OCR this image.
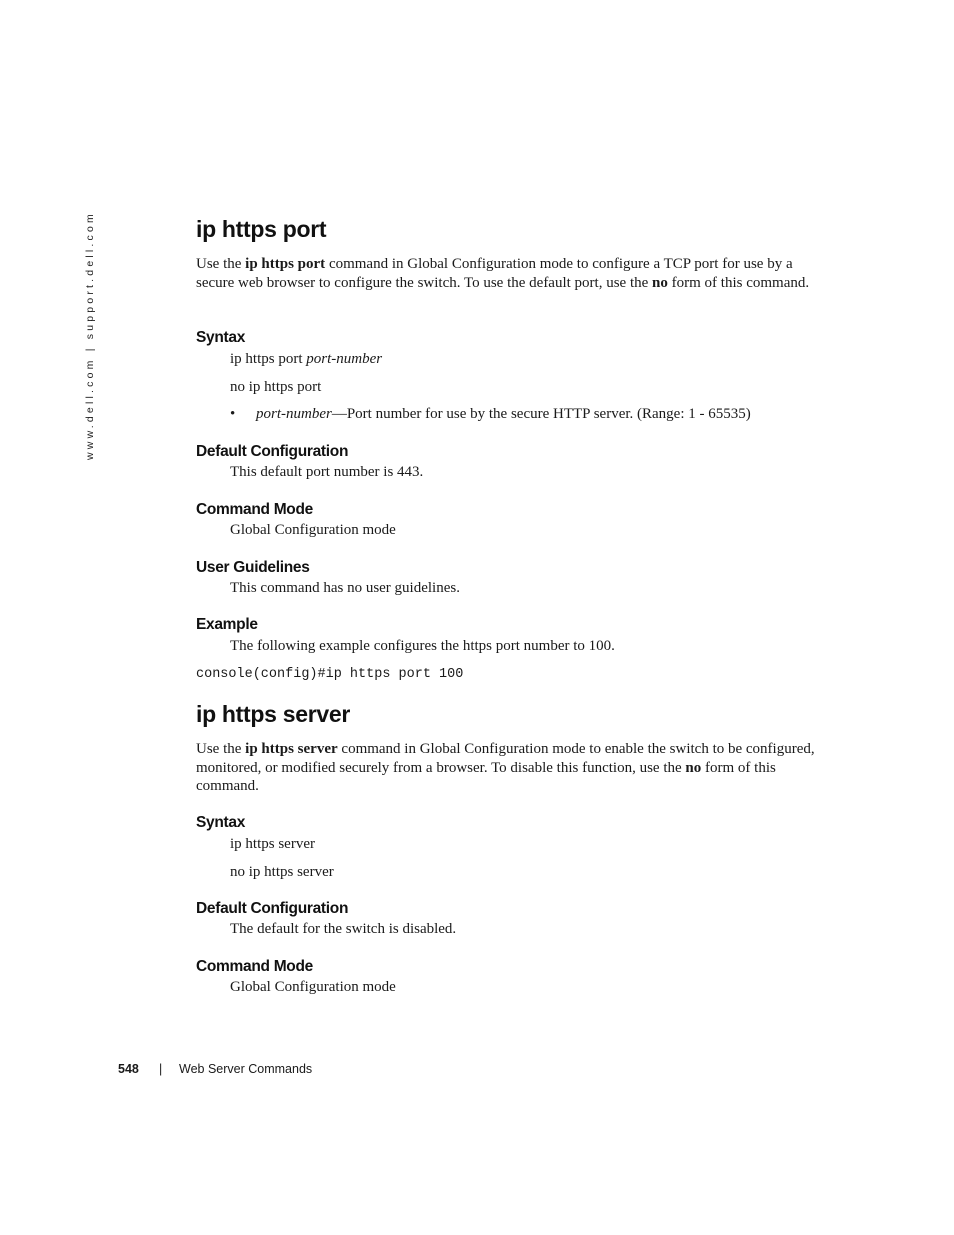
www.dell.com | support.dell.com	ip https port

Use the ip https port command in Global Configuration mode to configure a TCP port for use by a secure web browser to configure the switch. To use the default port, use the no form of this command.

Syntax

ip https port port-number

no ip https port

• port-number—Port number for use by the secure HTTP server. (Range: 1 - 65535)
Default Configuration

This default port number is 443.

Command Mode

Global Configuration mode

User Guidelines

This command has no user guidelines.

Example

The following example configures the https port number to 100.

console(config)#ip https port 100

ip https server

Use the ip https server command in Global Configuration mode to enable the switch to be configured, monitored, or modified securely from a browser. To disable this function, use the no form of this command.

Syntax

ip https server

no ip https server

Default Configuration

The default for the switch is disabled.

Command Mode

Global Configuration mode

548 | Web Server Commands
